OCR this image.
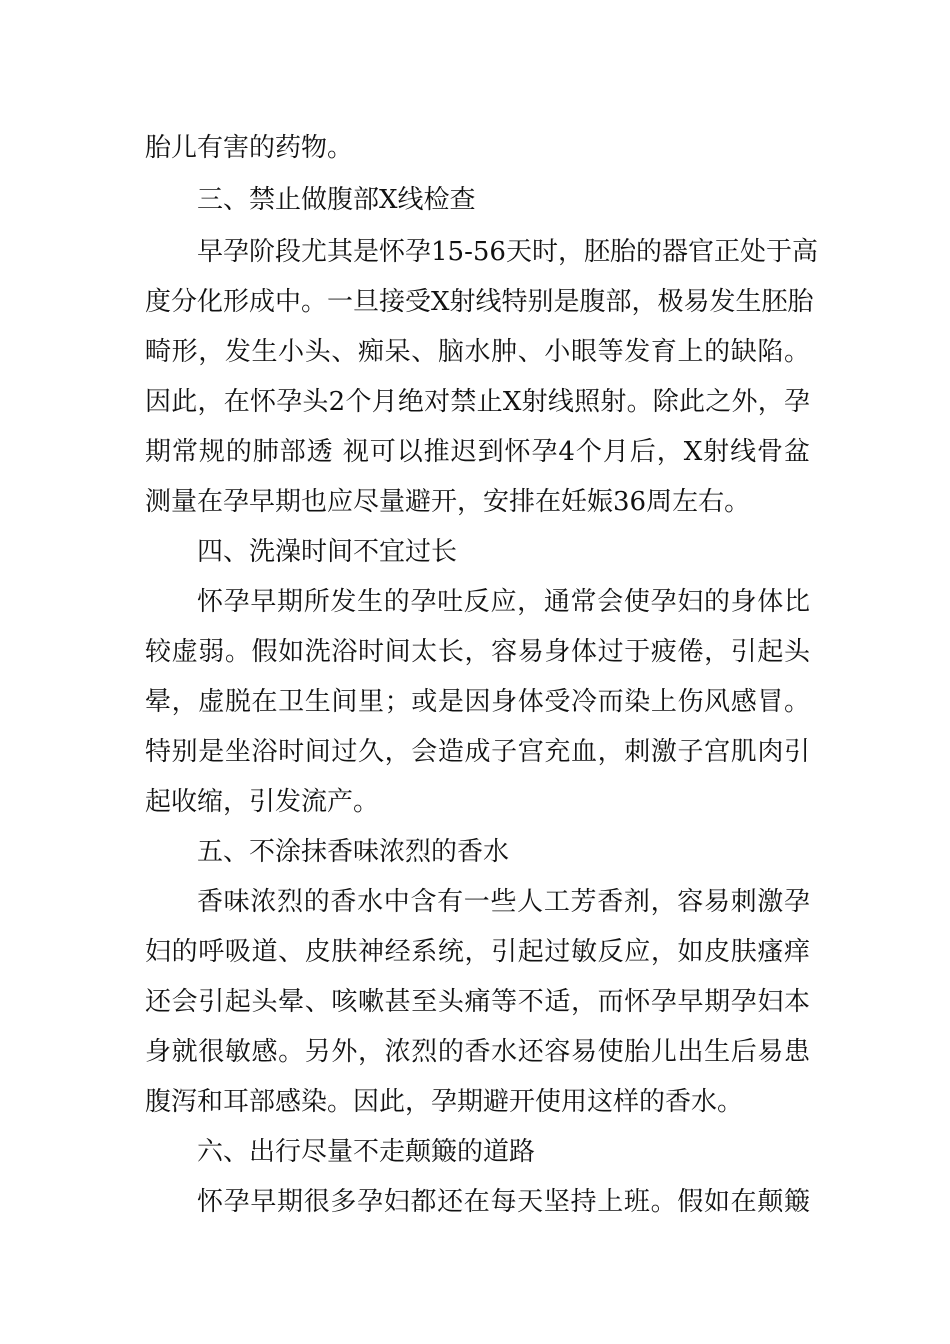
胎儿有害的药物。
三、禁止做腹部X线检查
早孕阶段尤其是怀孕15-56天时，胚胎的器官正处于高
度分化形成中。一旦接受X射线特别是腹部，极易发生胚胎
畸形，发生小头、痴呆、脑水肿、小眼等发育上的缺陷。
因此，在怀孕头2个月绝对禁止X射线照射。除此之外，孕
期常规的肺部透 视可以推迟到怀孕4个月后，X射线骨盆
测量在孕早期也应尽量避开，安排在妊娠36周左右。
四、洗澡时间不宜过长
怀孕早期所发生的孕吐反应，通常会使孕妇的身体比
较虚弱。假如洗浴时间太长，容易身体过于疲倦，引起头
晕，虚脱在卫生间里；或是因身体受冷而染上伤风感冒。
特别是坐浴时间过久，会造成子宫充血，刺激子宫肌肉引
起收缩，引发流产。
五、不涂抹香味浓烈的香水
香味浓烈的香水中含有一些人工芳香剂，容易刺激孕
妇的呼吸道、皮肤神经系统，引起过敏反应，如皮肤瘙痒
还会引起头晕、咳嗽甚至头痛等不适，而怀孕早期孕妇本
身就很敏感。另外，浓烈的香水还容易使胎儿出生后易患
腹泻和耳部感染。因此，孕期避开使用这样的香水。
六、出行尽量不走颠簸的道路
怀孕早期很多孕妇都还在每天坚持上班。假如在颠簸
